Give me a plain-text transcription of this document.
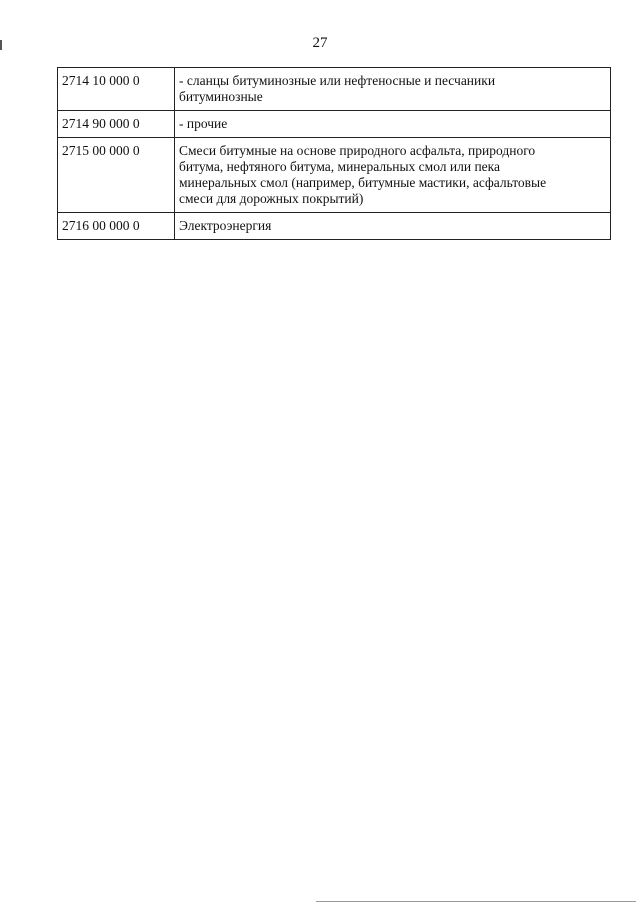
27
2714 10 000 0	- сланцы битуминозные или нефтеносные и песчаники
битуминозные

2714 90 000 0	- прочие

2715 00 000 0	Смеси битумные на основе природного асфальта, природного
битума, нефтяного битума, минеральных смол или пека
минеральных смол (например, битумные мастики, асфальтовые
смеси для дорожных покрытий)

2716 00 000 0	Электроэнергия
